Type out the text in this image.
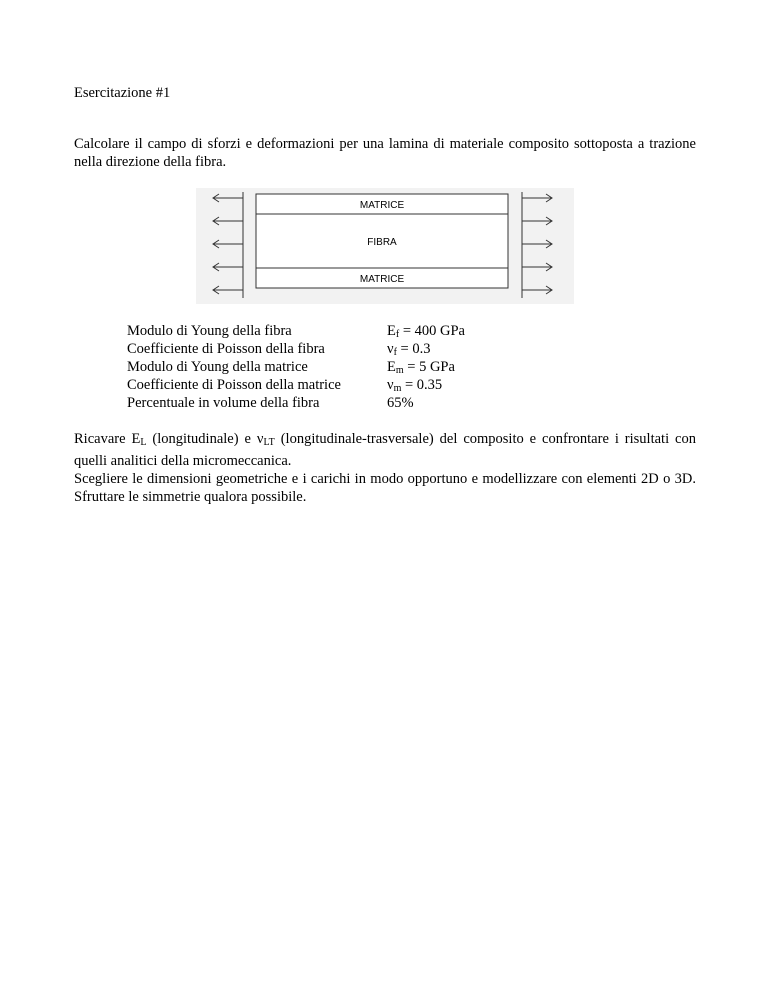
Esercitazione #1
Calcolare il campo di sforzi e deformazioni per una lamina di materiale composito sottoposta a trazione nella direzione della fibra.
MATRICE
FIBRA
MATRICE
Modulo di Young della fibra	$E_f = 400$ GPa
Coefficiente di Poisson della fibra	$\nu_f = 0.3$
Modulo di Young della matrice	$E_m = 5$ GPa
Coefficiente di Poisson della matrice	$\nu_m = 0.35$
Percentuale in volume della fibra	65%

Ricavare $E_L$ (longitudinale) e $\nu_{LT}$ (longitudinale-trasversale) del composito e confrontare i risultati con quelli analitici della micromeccanica.

Scegliere le dimensioni geometriche e i carichi in modo opportuno e modellizzare con elementi 2D o 3D. Sfruttare le simmetrie qualora possibile.
